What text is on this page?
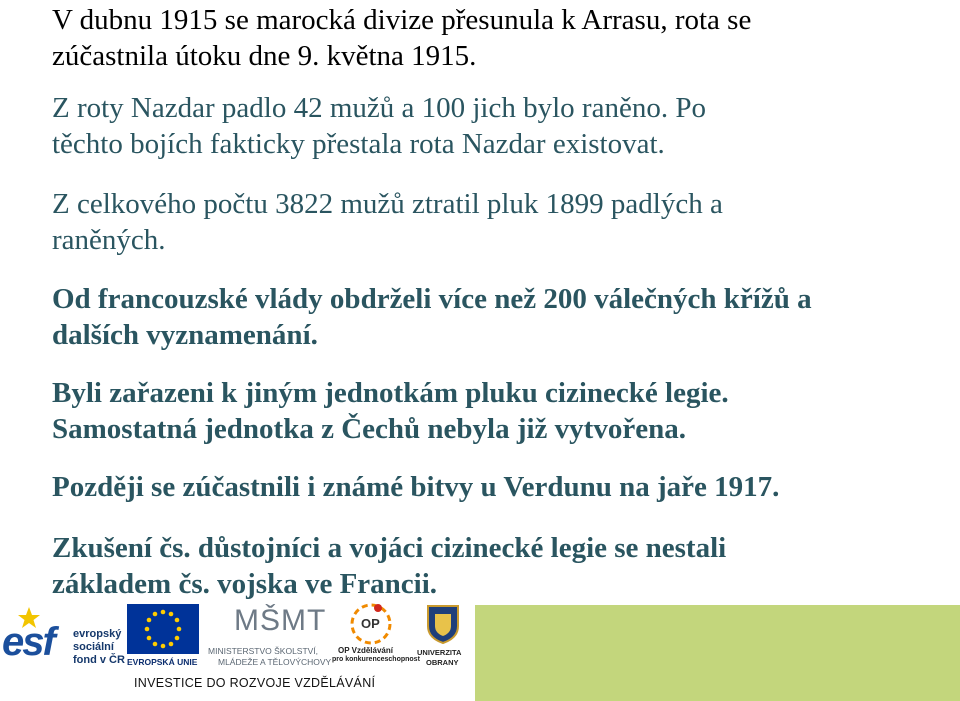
V dubnu 1915 se marocká divize přesunula k Arrasu, rota se
zúčastnila útoku dne 9. května 1915.

Z roty Nazdar padlo 42 mužů a 100 jich bylo raněno. Po
těchto bojích fakticky přestala rota Nazdar existovat.

Z celkového počtu 3822 mužů ztratil pluk 1899 padlých a
raněných.

Od francouzské vlády obdrželi více než 200 válečných křížů a
dalších vyznamenání.

Byli zařazeni k jiným jednotkám pluku cizinecké legie.
Samostatná jednotka z Čechů nebyla již vytvořena.

Později se zúčastnili i známé bitvy u Verdunu na jaře 1917.

Zkušení čs. důstojníci a vojáci cizinecké legie se nestali
základem čs. vojska ve Francii.

esf evropský
sociální
fond v ČR EVROPSKÁ UNIE
MŠMT
MINISTERSTVO ŠKOLSTVÍ,
MLÁDEŽE A TĚLOVÝCHOVY
OP
OP Vzdělávání
pro konkurenceschopnost
UNIVERZITA
OBRANY
INVESTICE DO ROZVOJE VZDĚLÁVÁNÍ
